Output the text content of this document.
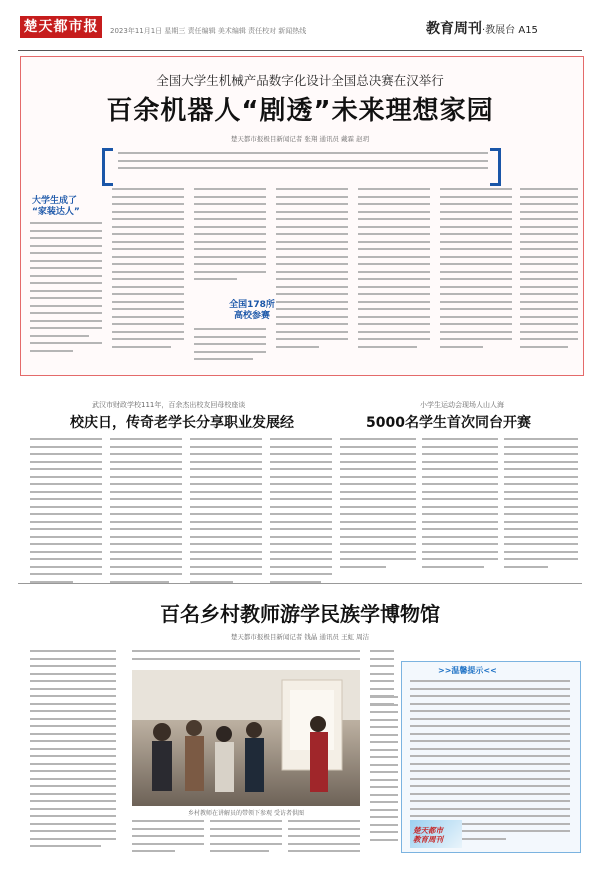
楚天都市报	2023年11月1日 星期三 责任编辑 美术编辑 责任校对 新闻热线	教育周刊·教展台 A15
全国大学生机械产品数字化设计全国总决赛在汉举行
百余机器人“剧透”未来理想家园
楚天都市报极目新闻记者 张翔 通讯员 戴霖 赵玥
大学生成了
“家装达人”
全国178所
高校参赛
武汉市财政学校111年，百余杰出校友回母校座谈
校庆日，传奇老学长分享职业发展经
小学生运动会现场人山人海
5000名学生首次同台开赛
百名乡村教师游学民族学博物馆
楚天都市报极目新闻记者 钱晶 通讯员 王虹 周洁
乡村教师在讲解员的带领下参观 受访者供图
>>温馨提示<<
楚天都市
教育周刊
